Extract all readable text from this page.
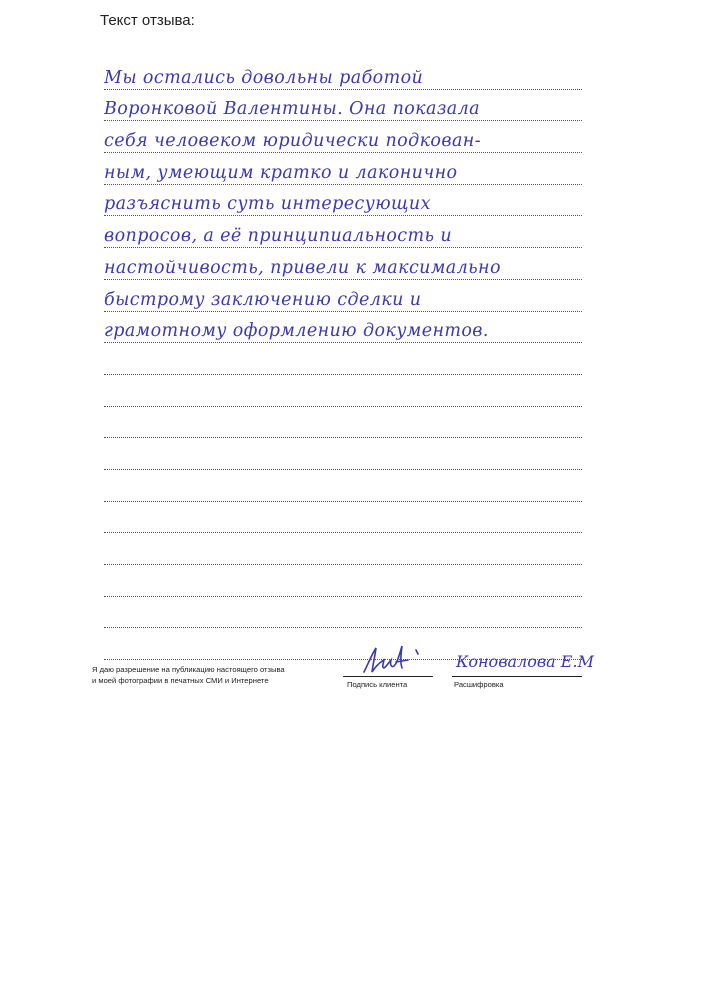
Текст отзыва:
Мы остались довольны работой
Воронковой Валентины. Она показала
себя человеком юридически подкован-
ным, умеющим кратко и лаконично
разъяснить суть интересующих
вопросов, а её принципиальность и
настойчивость, привели к максимально
быстрому заключению сделки и
грамотному оформлению документов.
Я даю разрешение на публикацию настоящего отзыва
и моей фотографии в печатных СМИ и Интернете	Подпись клиента
Коновалова Е.М
Расшифровка
